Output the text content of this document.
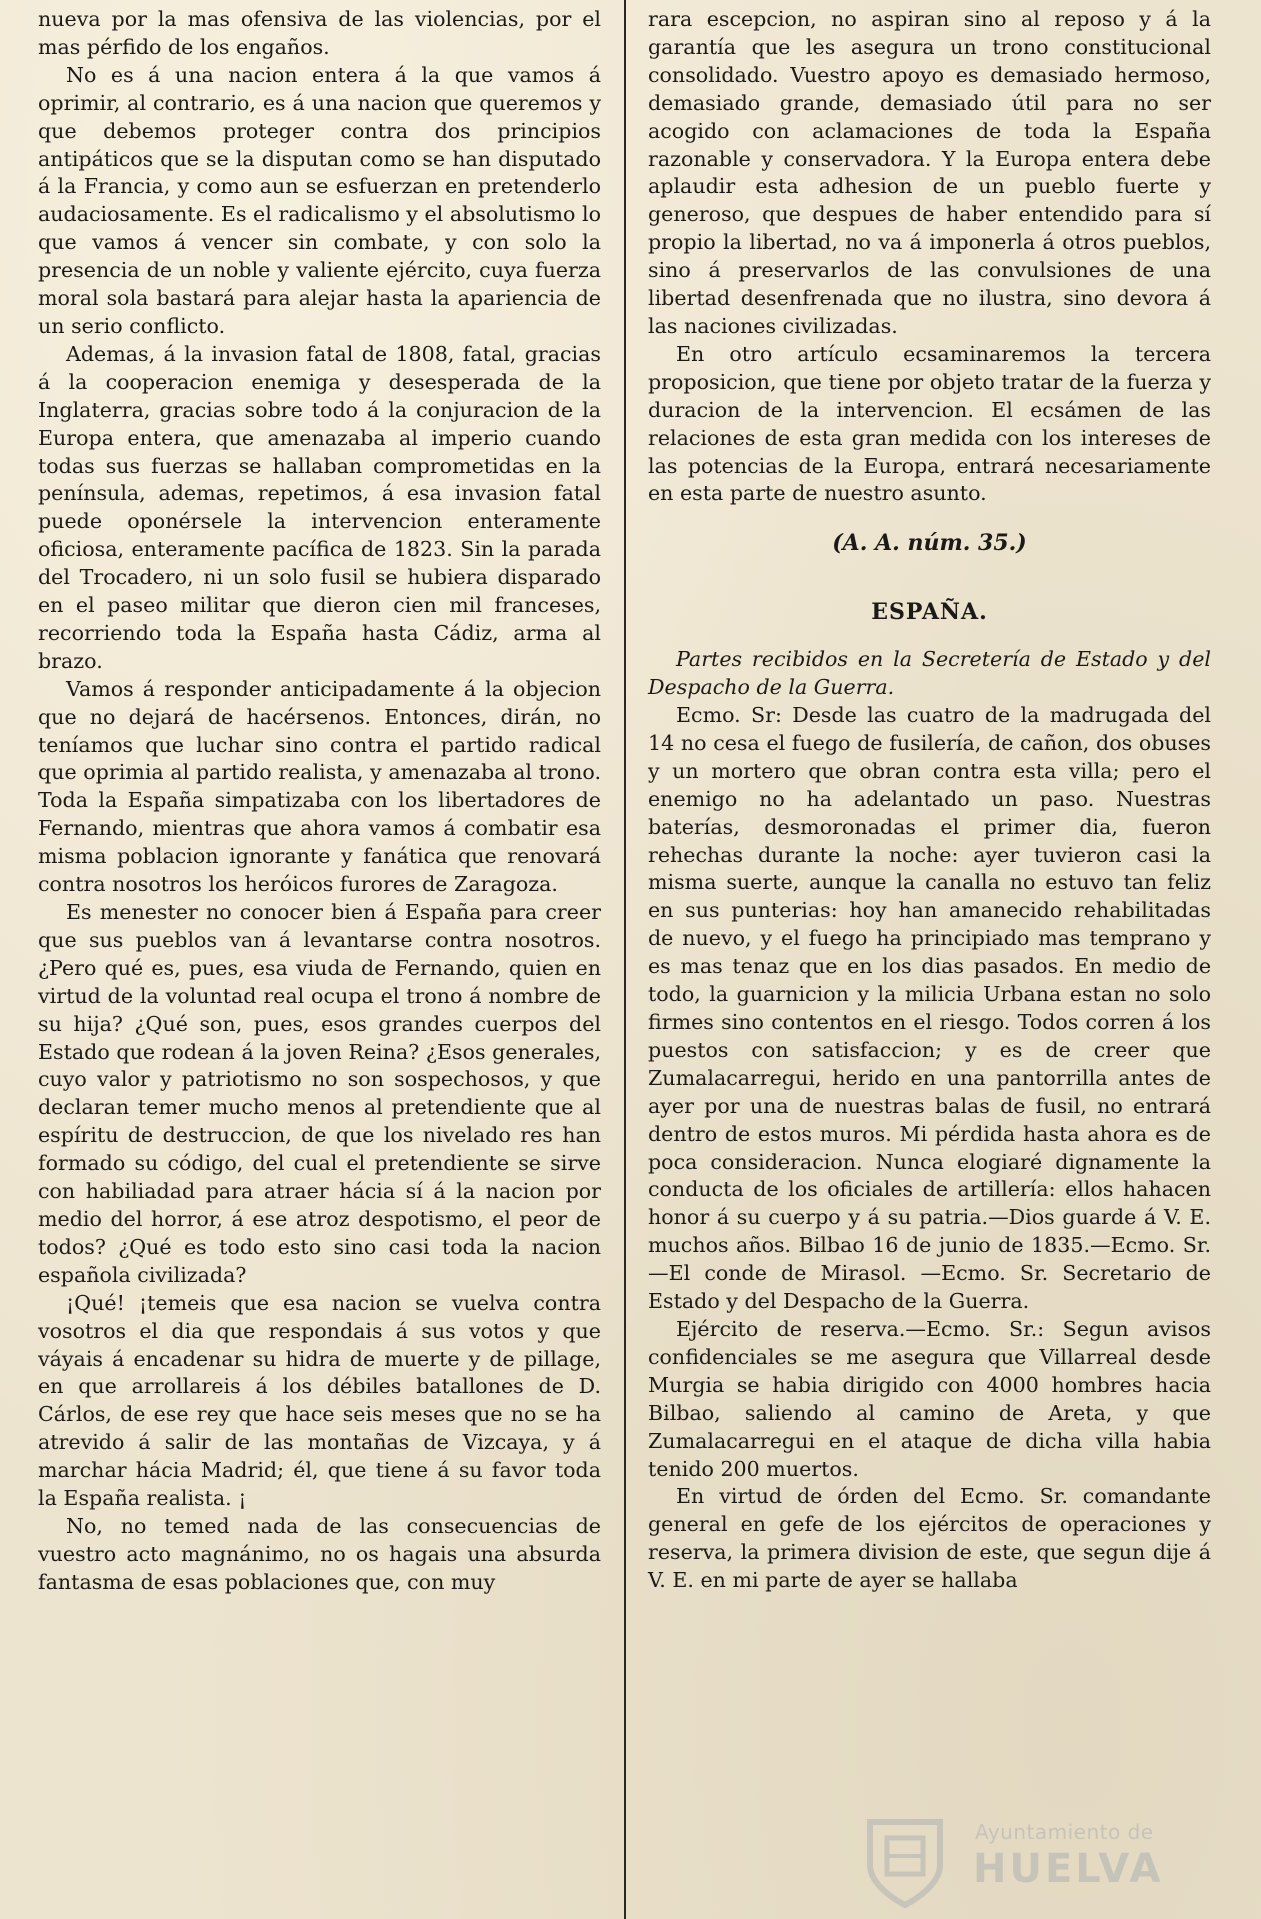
nueva por la mas ofensiva de las violencias, por el mas pérfido de los engaños.

No es á una nacion entera á la que vamos á oprimir, al contrario, es á una nacion que queremos y que debemos proteger contra dos principios antipáticos que se la disputan como se han disputado á la Francia, y como aun se esfuerzan en pretenderlo audaciosamente. Es el radicalismo y el absolutismo lo que vamos á vencer sin combate, y con solo la presencia de un noble y valiente ejército, cuya fuerza moral sola bastará para alejar hasta la apariencia de un serio conflicto.

Ademas, á la invasion fatal de 1808, fatal, gracias á la cooperacion enemiga y desesperada de la Inglaterra, gracias sobre todo á la conjuracion de la Europa entera, que amenazaba al imperio cuando todas sus fuerzas se hallaban comprometidas en la península, ademas, repetimos, á esa invasion fatal puede oponérsele la intervencion enteramente oficiosa, enteramente pacífica de 1823. Sin la parada del Trocadero, ni un solo fusil se hubiera disparado en el paseo militar que dieron cien mil franceses, recorriendo toda la España hasta Cádiz, arma al brazo.

Vamos á responder anticipadamente á la objecion que no dejará de hacérsenos. Entonces, dirán, no teníamos que luchar sino contra el partido radical que oprimia al partido realista, y amenazaba al trono. Toda la España simpatizaba con los libertadores de Fernando, mientras que ahora vamos á combatir esa misma poblacion ignorante y fanática que renovará contra nosotros los heróicos furores de Zaragoza.

Es menester no conocer bien á España para creer que sus pueblos van á levantarse contra nosotros. ¿Pero qué es, pues, esa viuda de Fernando, quien en virtud de la voluntad real ocupa el trono á nombre de su hija? ¿Qué son, pues, esos grandes cuerpos del Estado que rodean á la joven Reina? ¿Esos generales, cuyo valor y patriotismo no son sospechosos, y que declaran temer mucho menos al pretendiente que al espíritu de destruccion, de que los nivelado res han formado su código, del cual el pretendiente se sirve con habiliadad para atraer hácia sí á la nacion por medio del horror, á ese atroz despotismo, el peor de todos? ¿Qué es todo esto sino casi toda la nacion española civilizada?

¡Qué! ¡temeis que esa nacion se vuelva contra vosotros el dia que respondais á sus votos y que váyais á encadenar su hidra de muerte y de pillage, en que arrollareis á los débiles batallones de D. Cárlos, de ese rey que hace seis meses que no se ha atrevido á salir de las montañas de Vizcaya, y á marchar hácia Madrid; él, que tiene á su favor toda la España realista. ¡

No, no temed nada de las consecuencias de vuestro acto magnánimo, no os hagais una absurda fantasma de esas poblaciones que, con muy

rara escepcion, no aspiran sino al reposo y á la garantía que les asegura un trono constitucional consolidado. Vuestro apoyo es demasiado hermoso, demasiado grande, demasiado útil para no ser acogido con aclamaciones de toda la España razonable y conservadora. Y la Europa entera debe aplaudir esta adhesion de un pueblo fuerte y generoso, que despues de haber entendido para sí propio la libertad, no va á imponerla á otros pueblos, sino á preservarlos de las convulsiones de una libertad desenfrenada que no ilustra, sino devora á las naciones civilizadas.

En otro artículo ecsaminaremos la tercera proposicion, que tiene por objeto tratar de la fuerza y duracion de la intervencion. El ecsámen de las relaciones de esta gran medida con los intereses de las potencias de la Europa, entrará necesariamente en esta parte de nuestro asunto.

(A. A. núm. 35.)

ESPAÑA.

Partes recibidos en la Secretería de Estado y del Despacho de la Guerra.

Ecmo. Sr: Desde las cuatro de la madrugada del 14 no cesa el fuego de fusilería, de cañon, dos obuses y un mortero que obran contra esta villa; pero el enemigo no ha adelantado un paso. Nuestras baterías, desmoronadas el primer dia, fueron rehechas durante la noche: ayer tuvieron casi la misma suerte, aunque la canalla no estuvo tan feliz en sus punterias: hoy han amanecido rehabilitadas de nuevo, y el fuego ha principiado mas temprano y es mas tenaz que en los dias pasados. En medio de todo, la guarnicion y la milicia Urbana estan no solo firmes sino contentos en el riesgo. Todos corren á los puestos con satisfaccion; y es de creer que Zumalacarregui, herido en una pantorrilla antes de ayer por una de nuestras balas de fusil, no entrará dentro de estos muros. Mi pérdida hasta ahora es de poca consideracion. Nunca elogiaré dignamente la conducta de los oficiales de artillería: ellos hahacen honor á su cuerpo y á su patria.—Dios guarde á V. E. muchos años. Bilbao 16 de junio de 1835.—Ecmo. Sr.—El conde de Mirasol. —Ecmo. Sr. Secretario de Estado y del Despacho de la Guerra.

Ejército de reserva.—Ecmo. Sr.: Segun avisos confidenciales se me asegura que Villarreal desde Murgia se habia dirigido con 4000 hombres hacia Bilbao, saliendo al camino de Areta, y que Zumalacarregui en el ataque de dicha villa habia tenido 200 muertos.

En virtud de órden del Ecmo. Sr. comandante general en gefe de los ejércitos de operaciones y reserva, la primera division de este, que segun dije á V. E. en mi parte de ayer se hallaba

Ayuntamiento de
HUELVA
